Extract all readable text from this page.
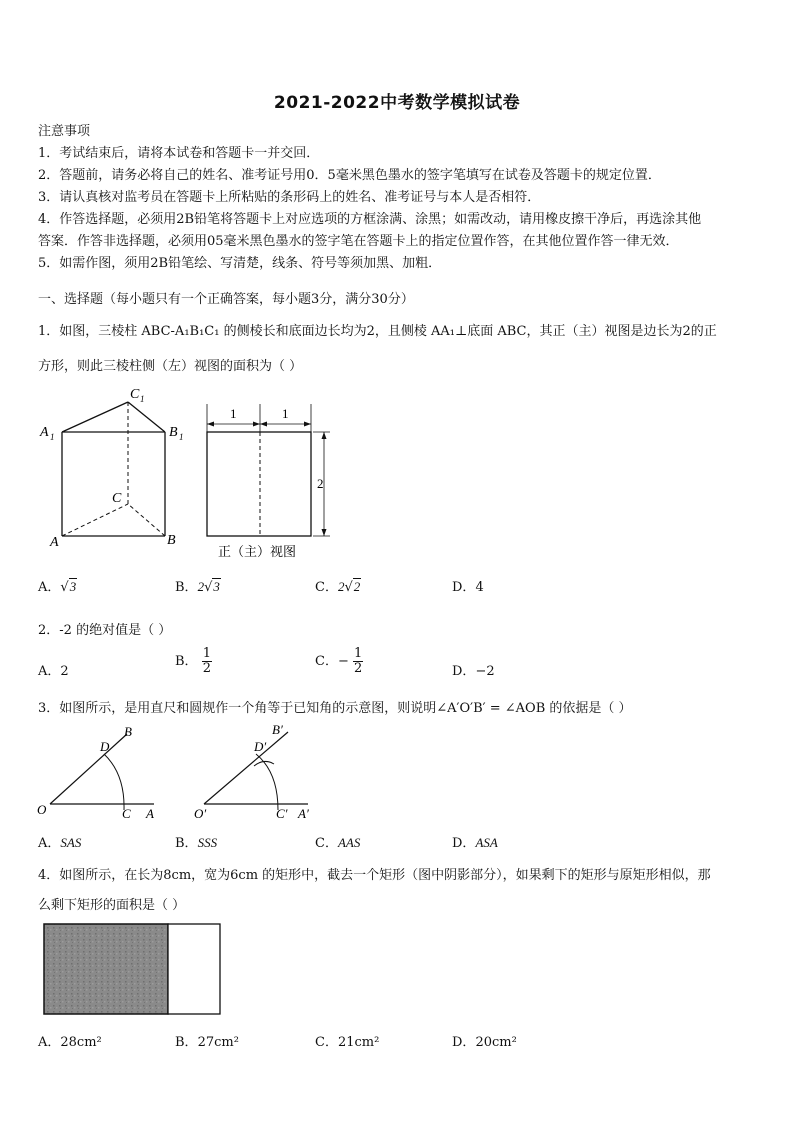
2021-2022中考数学模拟试卷
注意事项
1．考试结束后，请将本试卷和答题卡一并交回．
2．答题前，请务必将自己的姓名、准考证号用0．5毫米黑色墨水的签字笔填写在试卷及答题卡的规定位置．
3．请认真核对监考员在答题卡上所粘贴的条形码上的姓名、准考证号与本人是否相符．
4．作答选择题，必须用2B铅笔将答题卡上对应选项的方框涂满、涂黑；如需改动，请用橡皮擦干净后，再选涂其他
答案．作答非选择题，必须用05毫米黑色墨水的签字笔在答题卡上的指定位置作答，在其他位置作答一律无效．
5．如需作图，须用2B铅笔绘、写清楚，线条、符号等须加黑、加粗．
一、选择题（每小题只有一个正确答案，每小题3分，满分30分）
1．如图，三棱柱 ABC-A₁B₁C₁ 的侧棱长和底面边长均为2，且侧棱 AA₁⊥底面 ABC，其正（主）视图是边长为2的正
方形，则此三棱柱侧（左）视图的面积为（ ）
C 1
A 1	B 1
C
A	B
1	1
2
正（主）视图
A．√3	B．2√3	C．2√2	D．4
2．-2 的绝对值是（ ）
A．2
B． $\frac{1}{2}$	C．− $\frac{1}{2}$	D．−2
3．如图所示，是用直尺和圆规作一个角等于已知角的示意图，则说明∠A′O′B′ = ∠AOB 的依据是（ ）
B
D
O	C A
B′
D′
O′	C′ A′
A．SAS	B．SSS	C．AAS	D．ASA
4．如图所示，在长为8cm，宽为6cm 的矩形中，截去一个矩形（图中阴影部分），如果剩下的矩形与原矩形相似，那
么剩下矩形的面积是（ ）
A．28cm²	B．27cm²	C．21cm²	D．20cm²
